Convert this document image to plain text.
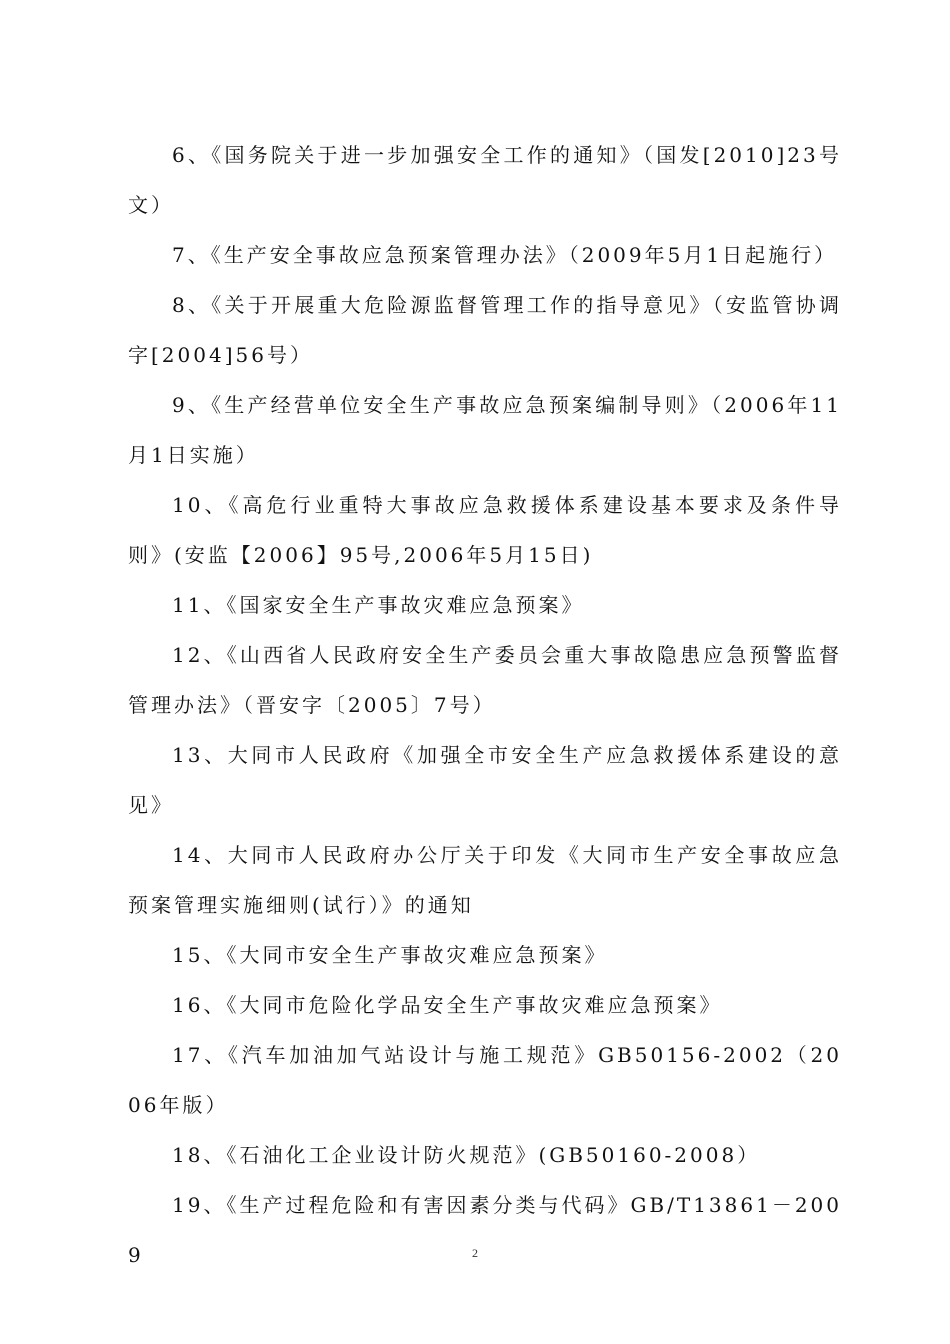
6、《国务院关于进一步加强安全工作的通知》（国发[2010]23号文）

7、《生产安全事故应急预案管理办法》（2009年5月1日起施行）

8、《关于开展重大危险源监督管理工作的指导意见》（安监管协调字[2004]56号）

9、《生产经营单位安全生产事故应急预案编制导则》（2006年11月1日实施）

10、《高危行业重特大事故应急救援体系建设基本要求及条件导则》(安监【2006】95号,2006年5月15日)

11、《国家安全生产事故灾难应急预案》

12、《山西省人民政府安全生产委员会重大事故隐患应急预警监督管理办法》（晋安字〔2005〕7号）

13、大同市人民政府《加强全市安全生产应急救援体系建设的意见》

14、大同市人民政府办公厅关于印发《大同市生产安全事故应急预案管理实施细则(试行）》的通知

15、《大同市安全生产事故灾难应急预案》

16、《大同市危险化学品安全生产事故灾难应急预案》

17、《汽车加油加气站设计与施工规范》GB50156-2002（2006年版）

18、《石油化工企业设计防火规范》(GB50160-2008）

19、《生产过程危险和有害因素分类与代码》GB/T13861－2009	2
